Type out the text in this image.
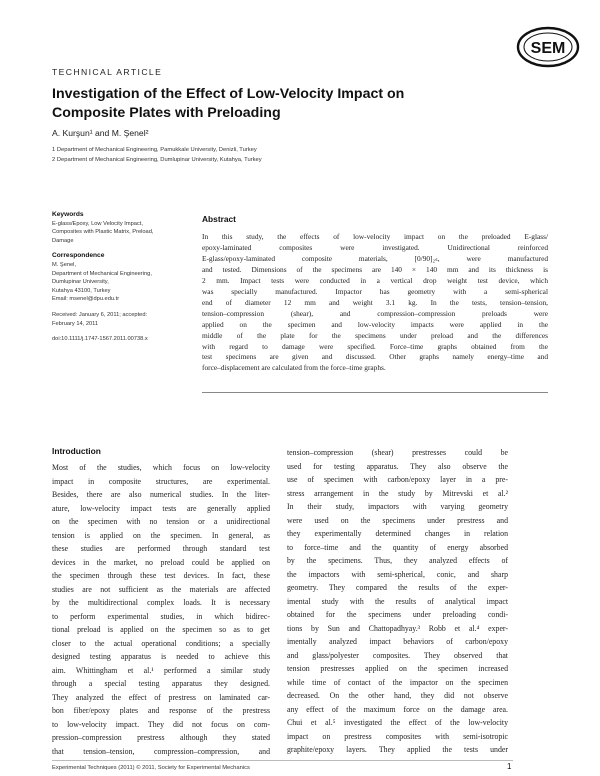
SEM
TECHNICAL ARTICLE
Investigation of the Effect of Low-Velocity Impact on Composite Plates with Preloading
A. Kurşun¹ and M. Şenel²
1 Department of Mechanical Engineering, Pamukkale University, Denizli, Turkey
2 Department of Mechanical Engineering, Dumlupinar University, Kutahya, Turkey

Keywords

E-glass/Epoxy, Low Velocity Impact,

Composites with Plastic Matrix, Preload,

Damage

Correspondence

M. Şenel,

Department of Mechanical Engineering,

Dumlupinar University,

Kutahya 43100, Turkey

Email: msenel@dpu.edu.tr

Received: January 6, 2011; accepted:

February 14, 2011

doi:10.1111/j.1747-1567.2011.00738.x

Abstract

In this study, the effects of low-velocity impact on the preloaded E-glass/

epoxy-laminated composites were investigated. Unidirectional reinforced

E-glass/epoxy-laminated composite materials, [0/90]₂ₛ, were manufactured

and tested. Dimensions of the specimens are 140 × 140 mm and its thickness is

2 mm. Impact tests were conducted in a vertical drop weight test device, which

was specially manufactured. Impactor has geometry with a semi-spherical

end of diameter 12 mm and weight 3.1 kg. In the tests, tension–tension,

tension–compression (shear), and compression–compression preloads were

applied on the specimen and low-velocity impacts were applied in the

middle of the plate for the specimens under preload and the differences

with regard to damage were specified. Force–time graphs obtained from the

test specimens are given and discussed. Other graphs namely energy–time and

force–displacement are calculated from the force–time graphs.

Introduction

Most of the studies, which focus on low-velocity

impact in composite structures, are experimental.

Besides, there are also numerical studies. In the liter-

ature, low-velocity impact tests are generally applied

on the specimen with no tension or a unidirectional

tension is applied on the specimen. In general, as

these studies are performed through standard test

devices in the market, no preload could be applied on

the specimen through these test devices. In fact, these

studies are not sufficient as the materials are affected

by the multidirectional complex loads. It is necessary

to perform experimental studies, in which bidirec-

tional preload is applied on the specimen so as to get

closer to the actual operational conditions; a specially

designed testing apparatus is needed to achieve this

aim. Whittingham et al.¹ performed a similar study

through a special testing apparatus they designed.

They analyzed the effect of prestress on laminated car-

bon fiber/epoxy plates and response of the prestress

to low-velocity impact. They did not focus on com-

pression–compression prestress although they stated

that tension–tension, compression–compression, and

tension–compression (shear) prestresses could be

used for testing apparatus. They also observe the

use of specimen with carbon/epoxy layer in a pre-

stress arrangement in the study by Mitrevski et al.²

In their study, impactors with varying geometry

were used on the specimens under prestress and

they experimentally determined changes in relation

to force–time and the quantity of energy absorbed

by the specimens. Thus, they analyzed effects of

the impactors with semi-spherical, conic, and sharp

geometry. They compared the results of the exper-

imental study with the results of analytical impact

obtained for the specimens under preloading condi-

tions by Sun and Chattopadhyay.³ Robb et al.⁴ exper-

imentally analyzed impact behaviors of carbon/epoxy

and glass/polyester composites. They observed that

tension prestresses applied on the specimen increased

while time of contact of the impactor on the specimen

decreased. On the other hand, they did not observe

any effect of the maximum force on the damage area.

Chui et al.⁵ investigated the effect of the low-velocity

impact on prestress composites with semi-isotropic

graphite/epoxy layers. They applied the tests under

Experimental Techniques (2011) © 2011, Society for Experimental Mechanics	1
